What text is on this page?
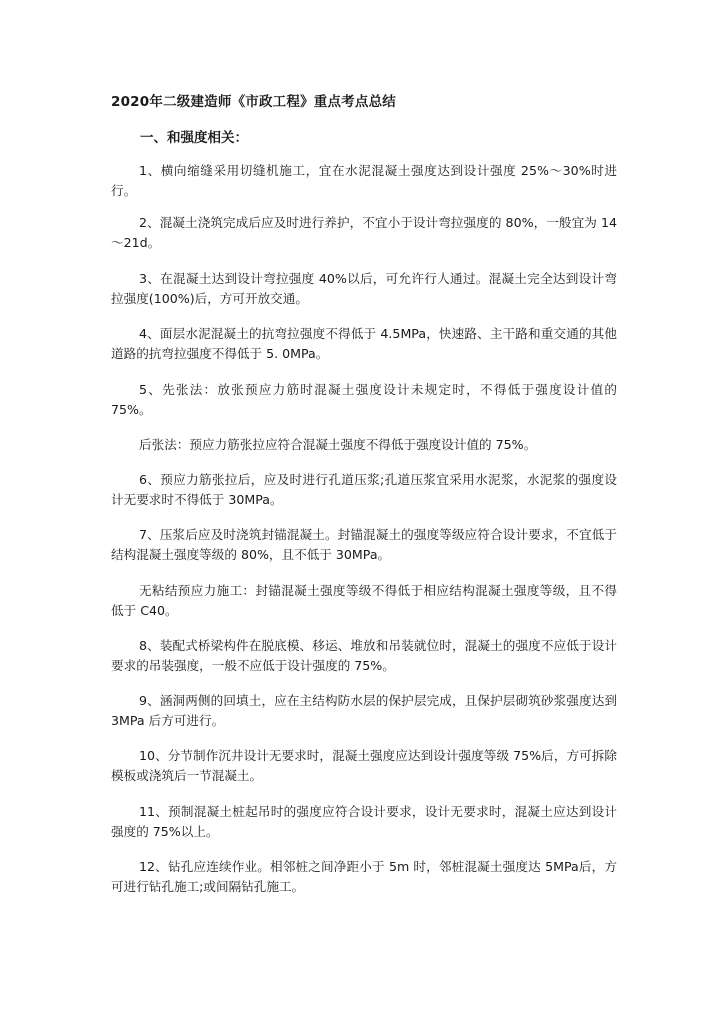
2020年二级建造师《市政工程》重点考点总结
一、和强度相关：

1、横向缩缝采用切缝机施工，宜在水泥混凝土强度达到设计强度 25%～30%时进行。

2、混凝土浇筑完成后应及时进行养护，不宜小于设计弯拉强度的 80%，一般宜为 14～21d。

3、在混凝土达到设计弯拉强度 40%以后，可允许行人通过。混凝土完全达到设计弯拉强度(100%)后，方可开放交通。

4、面层水泥混凝土的抗弯拉强度不得低于 4.5MPa，快速路、主干路和重交通的其他道路的抗弯拉强度不得低于 5. 0MPa。

5、先张法：放张预应力筋时混凝土强度设计未规定时，不得低于强度设计值的 75%。

后张法：预应力筋张拉应符合混凝土强度不得低于强度设计值的 75%。

6、预应力筋张拉后，应及时进行孔道压浆;孔道压浆宜采用水泥浆，水泥浆的强度设计无要求时不得低于 30MPa。

7、压浆后应及时浇筑封锚混凝土。封锚混凝土的强度等级应符合设计要求，不宜低于结构混凝土强度等级的 80%，且不低于 30MPa。

无粘结预应力施工：封锚混凝土强度等级不得低于相应结构混凝土强度等级，且不得低于 C40。

8、装配式桥梁构件在脱底模、移运、堆放和吊装就位时，混凝土的强度不应低于设计要求的吊装强度，一般不应低于设计强度的 75%。

9、涵洞两侧的回填土，应在主结构防水层的保护层完成，且保护层砌筑砂浆强度达到 3MPa 后方可进行。

10、分节制作沉井设计无要求时，混凝土强度应达到设计强度等级 75%后，方可拆除模板或浇筑后一节混凝土。

11、预制混凝土桩起吊时的强度应符合设计要求，设计无要求时，混凝土应达到设计强度的 75%以上。

12、钻孔应连续作业。相邻桩之间净距小于 5m 时，邻桩混凝土强度达 5MPa后，方可进行钻孔施工;或间隔钻孔施工。
